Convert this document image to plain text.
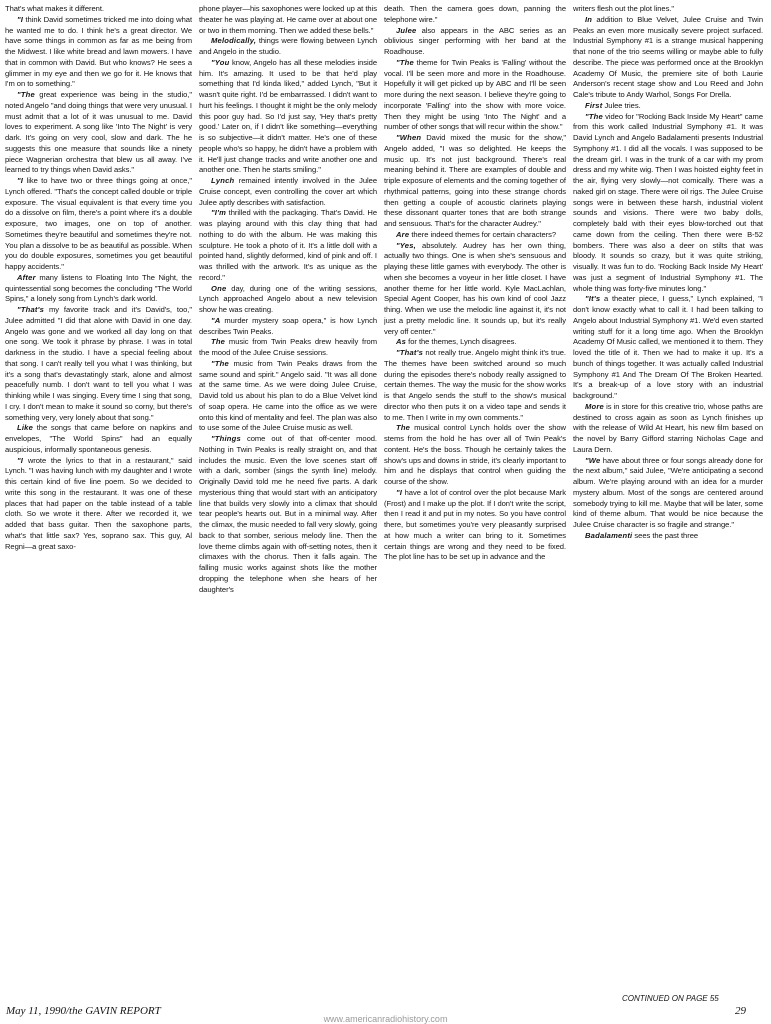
That's what makes it different.

"I think David sometimes tricked me into doing what he wanted me to do. I think he's a great director. We have some things in common as far as me being from the Midwest. I like white bread and lawn mowers. I have that in common with David. But who knows? He sees a glimmer in my eye and then we go for it. He knows that I'm on to something."

"The great experience was being in the studio," noted Angelo "and doing things that were very unusual. I must admit that a lot of it was unusual to me. David loves to experiment. A song like 'Into The Night' is very dark. It's going on very cool, slow and dark. The he suggests this one measure that sounds like a ninety piece Wagnerian orchestra that blew us all away. I've learned to try things when David asks."

"I like to have two or three things going at once," Lynch offered. "That's the concept called double or triple exposure. The visual equivalent is that every time you do a dissolve on film, there's a point where it's a double exposure, two images, one on top of another. Sometimes they're beautiful and sometimes they're not. You plan a dissolve to be as beautiful as possible. When you do double exposures, sometimes you get beautiful happy accidents."

After many listens to Floating Into The Night, the quintessential song becomes the concluding "The World Spins," a lonely song from Lynch's dark world.

"That's my favorite track and it's David's, too," Julee admitted "I did that alone with David in one day. Angelo was gone and we worked all day long on that one song. We took it phrase by phrase. I was in total darkness in the studio. I have a special feeling about that song. I can't really tell you what I was thinking, but it's a song that's devastatingly stark, alone and almost peacefully numb. I don't want to tell you what I was thinking while I was singing. Every time I sing that song, I cry. I don't mean to make it sound so corny, but there's something very, very lonely about that song."

Like the songs that came before on napkins and envelopes, "The World Spins" had an equally auspicious, informally spontaneous genesis.

"I wrote the lyrics to that in a restaurant," said Lynch. "I was having lunch with my daughter and I wrote this certain kind of five line poem. So we decided to write this song in the restaurant. It was one of these places that had paper on the table instead of a table cloth. So we wrote it there. After we recorded it, we added that bass guitar. Then the saxophone parts, what's that little sax? Yes, soprano sax. This guy, Al Regni—a great saxo-

phone player—his saxophones were locked up at this theater he was playing at. He came over at about one or two in them morning. Then we added these bells."

Melodically, things were flowing between Lynch and Angelo in the studio.

"You know, Angelo has all these melodies inside him. It's amazing. It used to be that he'd play something that I'd kinda liked," added Lynch, "But it wasn't quite right. I'd be embarrassed. I didn't want to hurt his feelings. I thought it might be the only melody this poor guy had. So I'd just say, 'Hey that's pretty good.' Later on, if I didn't like something—everything is so subjective—it didn't matter. He's one of these people who's so happy, he didn't have a problem with it. He'll just change tracks and write another one and another one. Then he starts smiling."

Lynch remained intently involved in the Julee Cruise concept, even controlling the cover art which Julee aptly describes with satisfaction.

"I'm thrilled with the packaging. That's David. He was playing around with this clay thing that had nothing to do with the album. He was making this sculpture. He took a photo of it. It's a little doll with a pointed hand, slightly deformed, kind of pink and off. I was thrilled with the artwork. It's as unique as the record."

One day, during one of the writing sessions, Lynch approached Angelo about a new television show he was creating.

"A murder mystery soap opera," is how Lynch describes Twin Peaks.

The music from Twin Peaks drew heavily from the mood of the Julee Cruise sessions.

"The music from Twin Peaks draws from the same sound and spirit." Angelo said. "It was all done at the same time. As we were doing Julee Cruise, David told us about his plan to do a Blue Velvet kind of soap opera. He came into the office as we were onto this kind of mentality and feel. The plan was also to use some of the Julee Cruise music as well.

"Things come out of that off-center mood. Nothing in Twin Peaks is really straight on, and that includes the music. Even the love scenes start off with a dark, somber (sings the synth line) melody. Originally David told me he need five parts. A dark mysterious thing that would start with an anticipatory line that builds very slowly into a climax that should tear people's hearts out. But in a minimal way. After the climax, the music needed to fall very slowly, going back to that somber, serious melody line. Then the love theme climbs again with off-setting notes, then it climaxes with the chorus. Then it falls again. The falling music works against shots like the mother dropping the telephone when she hears of her daughter's

death. Then the camera goes down, panning the telephone wire."

Julee also appears in the ABC series as an oblivious singer performing with her band at the Roadhouse.

"The theme for Twin Peaks is 'Falling' without the vocal. I'll be seen more and more in the Roadhouse. Hopefully it will get picked up by ABC and I'll be seen more during the next season. I believe they're going to incorporate 'Falling' into the show with more voice. Then they might be using 'Into The Night' and a number of other songs that will recur within the show."

"When David mixed the music for the show," Angelo added, "I was so delighted. He keeps the music up. It's not just background. There's real meaning behind it. There are examples of double and triple exposure of elements and the coming together of rhythmical patterns, going into these strange chords then getting a couple of acoustic clarinets playing these dissonant quarter tones that are both strange and sensuous. That's for the character Audrey."

Are there indeed themes for certain characters?

"Yes, absolutely. Audrey has her own thing, actually two things. One is when she's sensuous and playing these little games with everybody. The other is when she becomes a voyeur in her little closet. I have another theme for her little world. Kyle MacLachlan, Special Agent Cooper, has his own kind of cool Jazz thing. When we use the melodic line against it, it's not just a pretty melodic line. It sounds up, but it's really very off center."

As for the themes, Lynch disagrees.

"That's not really true. Angelo might think it's true. The themes have been switched around so much during the episodes there's nobody really assigned to certain themes. The way the music for the show works is that Angelo sends the stuff to the show's musical director who then puts it on a video tape and sends it to me. Then I write in my own comments."

The musical control Lynch holds over the show stems from the hold he has over all of Twin Peak's content. He's the boss. Though he certainly takes the show's ups and downs in stride, it's clearly important to him and he displays that control when guiding the course of the show.

"I have a lot of control over the plot because Mark (Frost) and I make up the plot. If I don't write the script, then I read it and put in my notes. So you have control there, but sometimes you're very pleasantly surprised at how much a writer can bring to it. Sometimes certain things are wrong and they need to be fixed. The plot line has to be set up in advance and the

writers flesh out the plot lines."

In addition to Blue Velvet, Julee Cruise and Twin Peaks an even more musically severe project surfaced. Industrial Symphony #1 is a strange musical happening that none of the trio seems willing or maybe able to fully describe. The piece was performed once at the Brooklyn Academy Of Music, the premiere site of both Laurie Anderson's recent stage show and Lou Reed and John Cale's tribute to Andy Warhol, Songs For Drella.

First Julee tries.

"The video for "Rocking Back Inside My Heart" came from this work called Industrial Symphony #1. It was David Lynch and Angelo Badalamenti presents Industrial Symphony #1. I did all the vocals. I was supposed to be the dream girl. I was in the trunk of a car with my prom dress and my white wig. Then I was hoisted eighty feet in the air, flying very slowly—not comically. There was a naked girl on stage. There were oil rigs. The Julee Cruise songs were in between these harsh, industrial violent sounds and visions. There were two baby dolls, completely bald with their eyes blow-torched out that came down from the ceiling. Then there were B-52 bombers. There was also a deer on stilts that was bloody. It sounds so crazy, but it was quite striking, visually. It was fun to do. 'Rocking Back Inside My Heart' was just a segment of Industrial Symphony #1. The whole thing was forty-five minutes long."

"It's a theater piece, I guess," Lynch explained, "I don't know exactly what to call it. I had been talking to Angelo about Industrial Symphony #1. We'd even started writing stuff for it a long time ago. When the Brooklyn Academy Of Music called, we mentioned it to them. They loved the title of it. Then we had to make it up. It's a bunch of things together. It was actually called Industrial Symphony #1 And The Dream Of The Broken Hearted. It's a break-up of a love story with an industrial background."

More is in store for this creative trio, whose paths are destined to cross again as soon as Lynch finishes up with the release of Wild At Heart, his new film based on the novel by Barry Gifford starring Nicholas Cage and Laura Dern.

"We have about three or four songs already done for the next album," said Julee, "We're anticipating a second album. We're playing around with an idea for a murder mystery album. Most of the songs are centered around somebody trying to kill me. Maybe that will be later, some kind of theme album. That would be nice because the Julee Cruise character is so fragile and strange."

Badalamenti sees the past three

CONTINUED ON PAGE 55
May 11, 1990/the GAVIN REPORT	29
www.americanradiohistory.com
